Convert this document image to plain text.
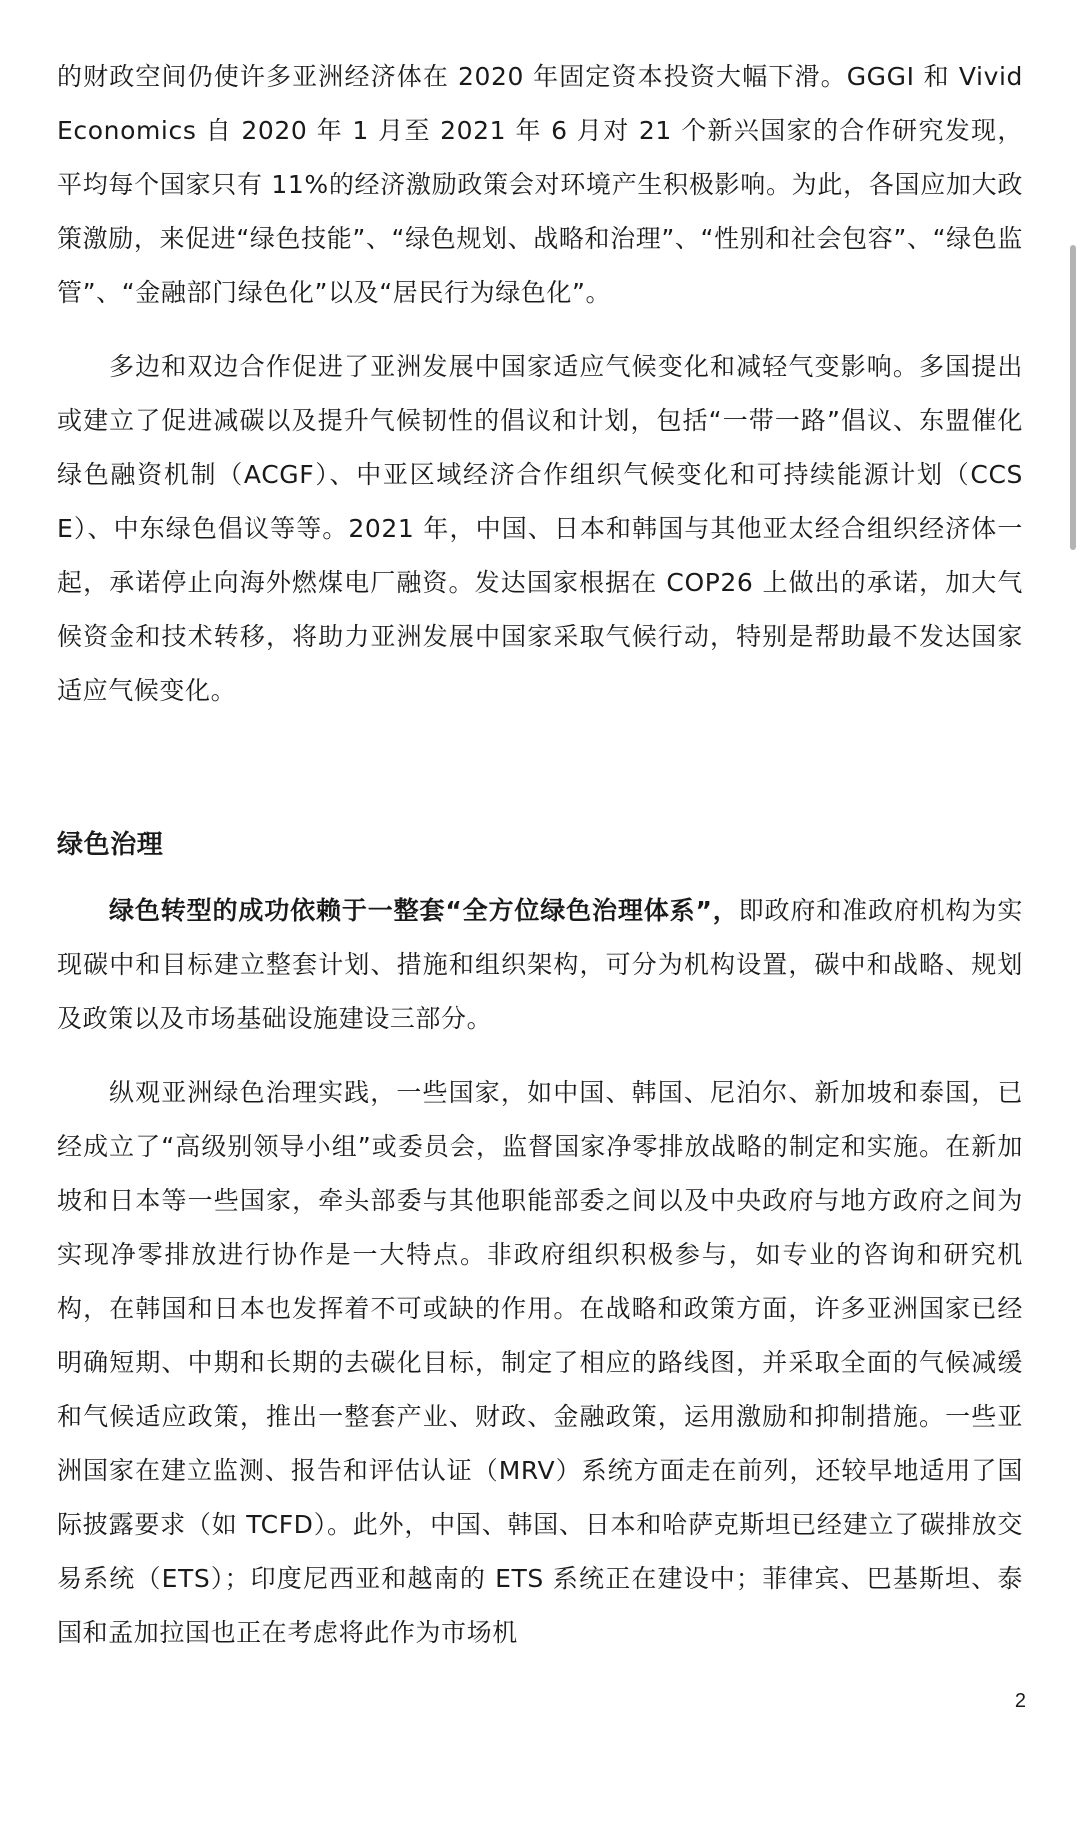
的财政空间仍使许多亚洲经济体在 2020 年固定资本投资大幅下滑。GGGI 和 Vivid Economics 自 2020 年 1 月至 2021 年 6 月对 21 个新兴国家的合作研究发现，平均每个国家只有 11%的经济激励政策会对环境产生积极影响。为此，各国应加大政策激励，来促进“绿色技能”、“绿色规划、战略和治理”、“性别和社会包容”、“绿色监管”、“金融部门绿色化”以及“居民行为绿色化”。

多边和双边合作促进了亚洲发展中国家适应气候变化和减轻气变影响。多国提出或建立了促进减碳以及提升气候韧性的倡议和计划，包括“一带一路”倡议、东盟催化绿色融资机制（ACGF）、中亚区域经济合作组织气候变化和可持续能源计划（CCSE）、中东绿色倡议等等。2021 年，中国、日本和韩国与其他亚太经合组织经济体一起，承诺停止向海外燃煤电厂融资。发达国家根据在 COP26 上做出的承诺，加大气候资金和技术转移，将助力亚洲发展中国家采取气候行动，特别是帮助最不发达国家适应气候变化。

绿色治理

绿色转型的成功依赖于一整套“全方位绿色治理体系”，即政府和准政府机构为实现碳中和目标建立整套计划、措施和组织架构，可分为机构设置，碳中和战略、规划及政策以及市场基础设施建设三部分。

纵观亚洲绿色治理实践，一些国家，如中国、韩国、尼泊尔、新加坡和泰国，已经成立了“高级别领导小组”或委员会，监督国家净零排放战略的制定和实施。在新加坡和日本等一些国家，牵头部委与其他职能部委之间以及中央政府与地方政府之间为实现净零排放进行协作是一大特点。非政府组织积极参与，如专业的咨询和研究机构，在韩国和日本也发挥着不可或缺的作用。在战略和政策方面，许多亚洲国家已经明确短期、中期和长期的去碳化目标，制定了相应的路线图，并采取全面的气候减缓和气候适应政策，推出一整套产业、财政、金融政策，运用激励和抑制措施。一些亚洲国家在建立监测、报告和评估认证（MRV）系统方面走在前列，还较早地适用了国际披露要求（如 TCFD）。此外，中国、韩国、日本和哈萨克斯坦已经建立了碳排放交易系统（ETS）；印度尼西亚和越南的 ETS 系统正在建设中；菲律宾、巴基斯坦、泰国和孟加拉国也正在考虑将此作为市场机

2
